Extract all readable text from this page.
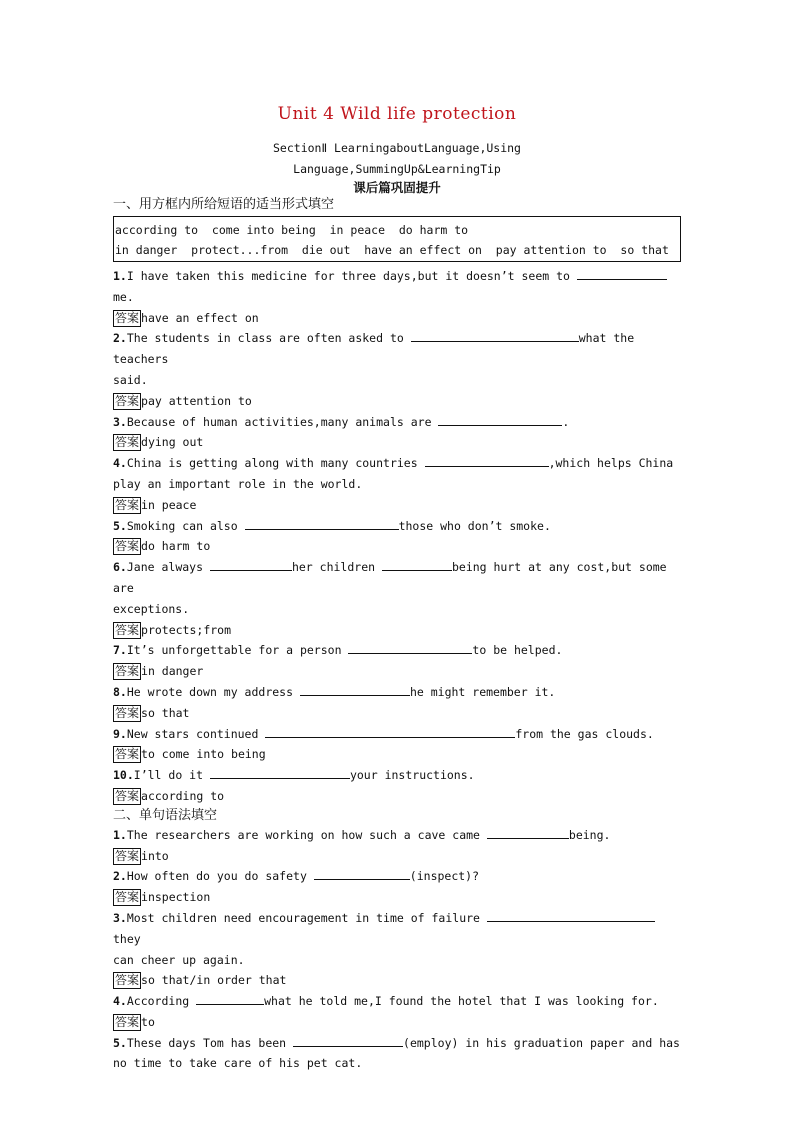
Unit 4 Wild life protection
SectionⅡ LearningaboutLanguage,Using
Language,SummingUp&LearningTip
课后篇巩固提升
一、用方框内所给短语的适当形式填空
according to  come into being  in peace  do harm to
in danger  protect...from  die out  have an effect on  pay attention to  so that
1.I have taken this medicine for three days,but it doesn’t seem to
me.
答案 have an effect on
2.The students in class are often asked to	what the teachers
said.
答案 pay attention to
3.Because of human activities,many animals are	.
答案 dying out
4.China is getting along with many countries	,which helps China
play an important role in the world.
答案 in peace
5.Smoking can also	those who don’t smoke.
答案 do harm to
6.Jane always	her children	being hurt at any cost,but some are
exceptions.
答案 protects;from
7.It’s unforgettable for a person	to be helped.
答案 in danger
8.He wrote down my address	he might remember it.
答案 so that
9.New stars continued	from the gas clouds.
答案 to come into being
10.I’ll do it	your instructions.
答案 according to
二、单句语法填空
1.The researchers are working on how such a cave came	being.
答案 into
2.How often do you do safety	(inspect)?
答案 inspection
3.Most children need encouragement in time of failure they
can cheer up again.
答案 so that/in order that
4.According	what he told me,I found the hotel that I was looking for.
答案 to
5.These days Tom has been	(employ) in his graduation paper and has
no time to take care of his pet cat.
